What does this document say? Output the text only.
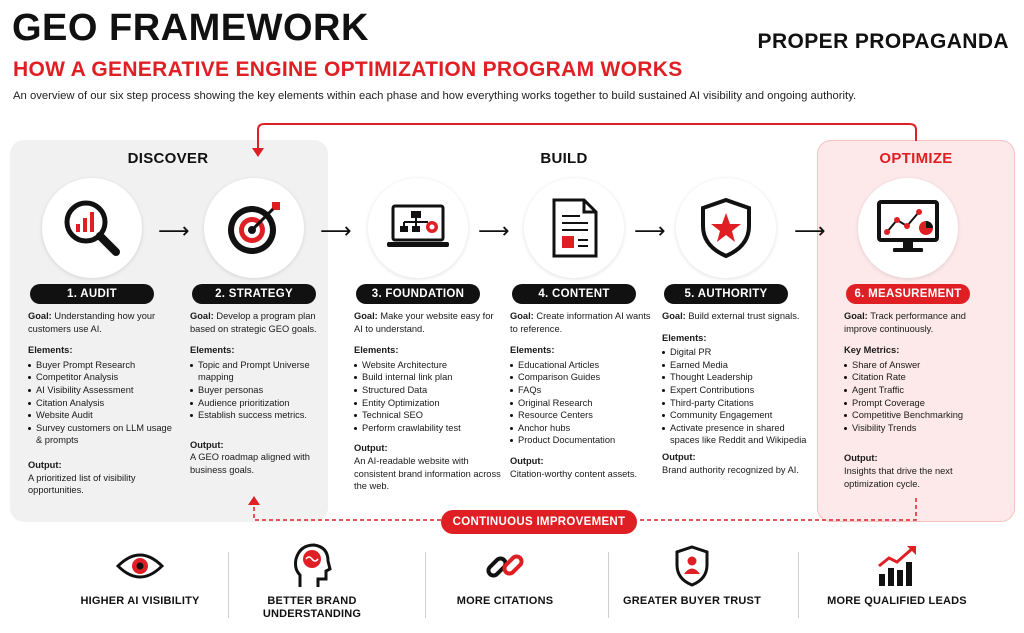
GEO FRAMEWORK
HOW A GENERATIVE ENGINE OPTIMIZATION PROGRAM WORKS
PROPER PROPAGANDA
An overview of our six step process showing the key elements within each phase and how everything works together to build sustained AI visibility and ongoing authority.
DISCOVER	BUILD	OPTIMIZE
⟶	⟶	⟶	⟶	⟶
1. AUDIT
Goal: Understanding how your customers use AI.
Elements:
Buyer Prompt Research
Competitor Analysis
AI Visibility Assessment
Citation Analysis
Website Audit
Survey customers on LLM usage & prompts
Output:
A prioritized list of visibility opportunities.
2. STRATEGY
Goal: Develop a program plan based on strategic GEO goals.
Elements:
Topic and Prompt Universe mapping
Buyer personas
Audience prioritization
Establish success metrics.
Output:
A GEO roadmap aligned with business goals.
3. FOUNDATION
Goal: Make your website easy for AI to understand.
Elements:
Website Architecture
Build internal link plan
Structured Data
Entity Optimization
Technical SEO
Perform crawlability test
Output:
An AI-readable website with consistent brand information across the web.
4. CONTENT
Goal: Create information AI wants to reference.
Elements:
Educational Articles
Comparison Guides
FAQs
Original Research
Resource Centers
Anchor hubs
Product Documentation
Output:
Citation-worthy content assets.
5. AUTHORITY
Goal: Build external trust signals.
Elements:
Digital PR
Earned Media
Thought Leadership
Expert Contributions
Third-party Citations
Community Engagement
Activate presence in shared spaces like Reddit and Wikipedia
Output:
Brand authority recognized by AI.
6. MEASUREMENT
Goal: Track performance and improve continuously.
Key Metrics:
Share of Answer
Citation Rate
Agent Traffic
Prompt Coverage
Competitive Benchmarking
Visibility Trends
Output:
Insights that drive the next optimization cycle.
CONTINUOUS IMPROVEMENT
HIGHER AI VISIBILITY	BETTER BRAND UNDERSTANDING
MORE CITATIONS	GREATER BUYER TRUST	MORE QUALIFIED LEADS
